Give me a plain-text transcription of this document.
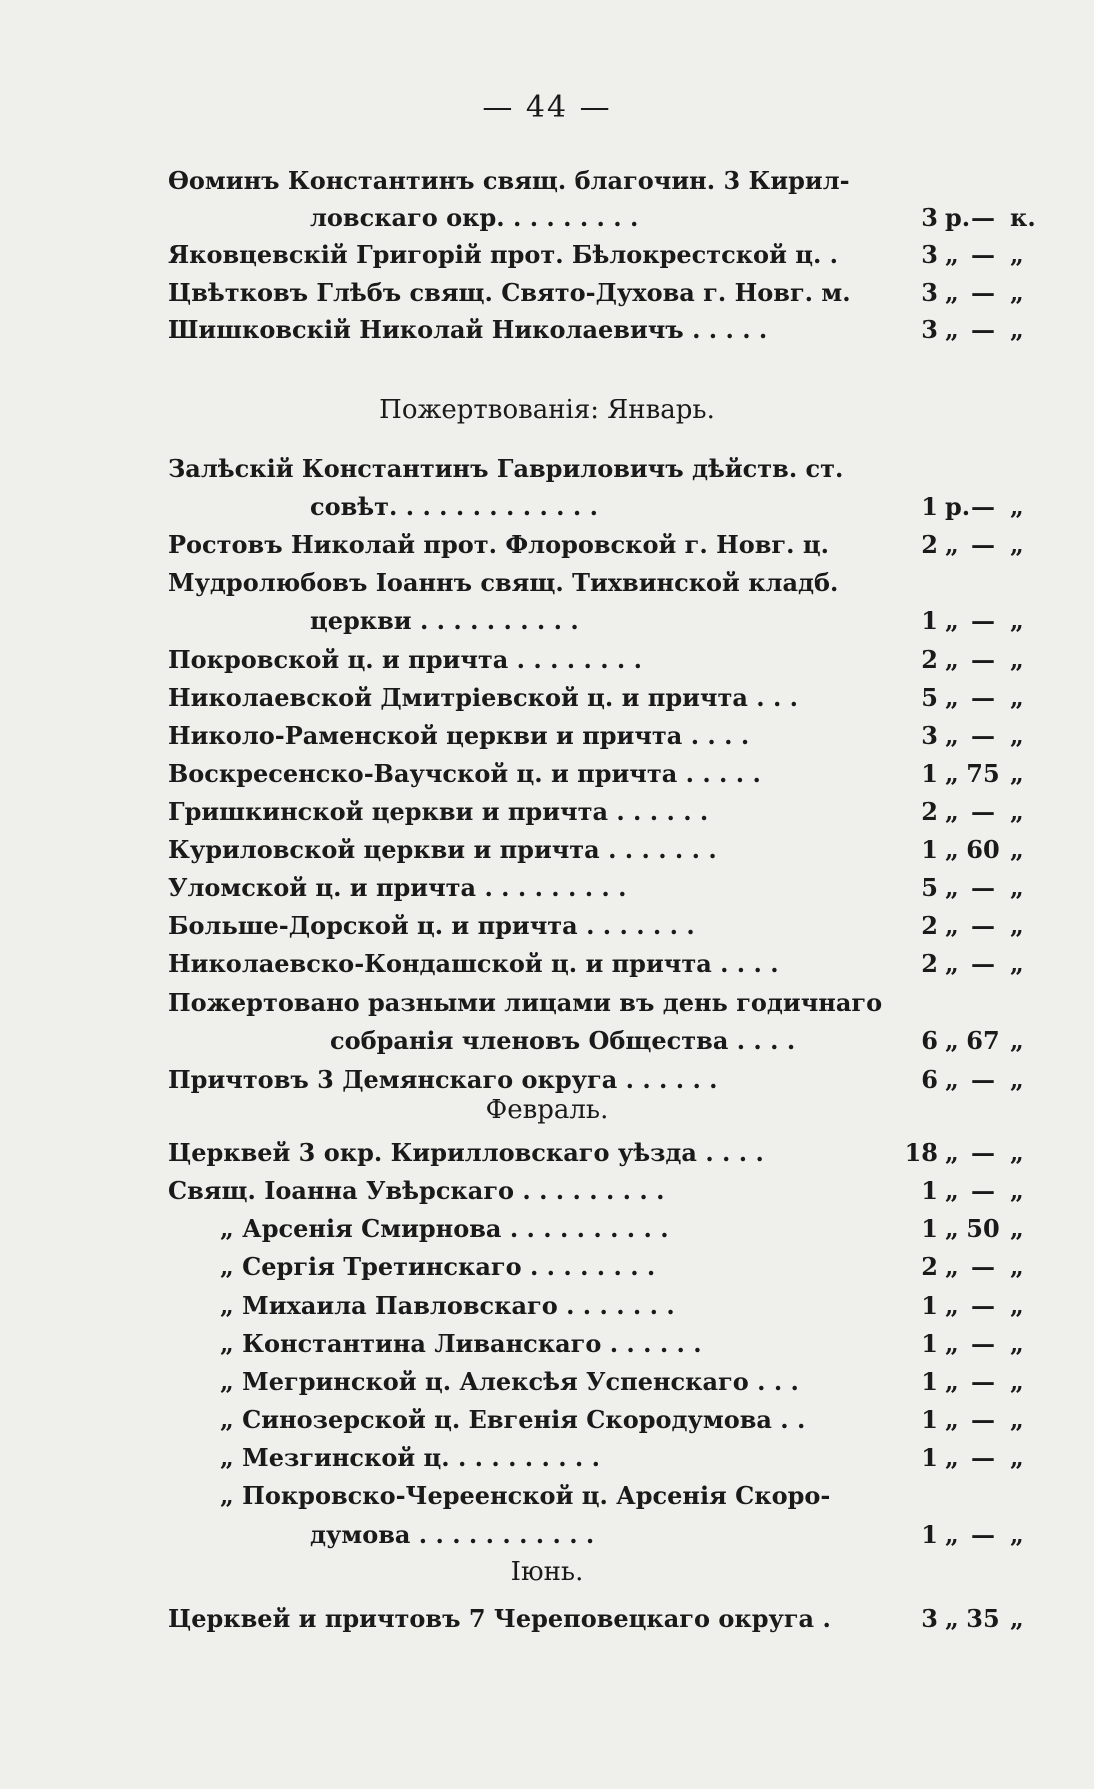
— 44 —
Ѳоминъ Константинъ свящ. благочин. 3 Кирил-
ловскаго окр. . . . . . . . .	3 р. — к.
Яковцевскій Григорій прот. Бѣлокрестской ц. .	3 „ — „
Цвѣтковъ Глѣбъ свящ. Свято-Духова г. Новг. м.	3 „ — „
Шишковскій Николай Николаевичъ . . . . .	3 „ — „
Пожертвованія: Январь.
Залѣскій Константинъ Гавриловичъ дѣйств. ст.
совѣт. . . . . . . . . . . . .	1 р. — „
Ростовъ Николай прот. Флоровской г. Новг. ц.	2 „ — „
Мудролюбовъ Іоаннъ свящ. Тихвинской кладб.
церкви . . . . . . . . . .	1 „ — „
Покровской ц. и причта . . . . . . . .	2 „ — „
Николаевской Дмитріевской ц. и причта . . .	5 „ — „
Николо-Раменской церкви и причта . . . .	3 „ — „
Воскресенско-Ваучской ц. и причта . . . . .	1 „ 75 „
Гришкинской церкви и причта . . . . . .	2 „ — „
Куриловской церкви и причта . . . . . . .	1 „ 60 „
Уломской ц. и причта . . . . . . . . .	5 „ — „
Больше-Дорской ц. и причта . . . . . . .	2 „ — „
Николаевско-Кондашской ц. и причта . . . .	2 „ — „
Пожертовано разными лицами въ день годичнаго
собранія членовъ Общества . . . .	6 „ 67 „
Причтовъ 3 Демянскаго округа . . . . . .	6 „ — „
Февраль.
Церквей 3 окр. Кирилловскаго уѣзда . . . .	18 „ — „
Свящ. Іоанна Увѣрскаго . . . . . . . . .	1 „ — „
„ Арсенія Смирнова . . . . . . . . . .	1 „ 50 „
„ Сергія Третинскаго . . . . . . . .	2 „ — „
„ Михаила Павловскаго . . . . . . .	1 „ — „
„ Константина Ливанскаго . . . . . .	1 „ — „
„ Мегринской ц. Алексѣя Успенскаго . . .	1 „ — „
„ Синозерской ц. Евгенія Скородумова . .	1 „ — „
„ Мезгинской ц. . . . . . . . . .	1 „ — „
„ Покровско-Череенской ц. Арсенія Скоро-
думова . . . . . . . . . . .	1 „ — „
Іюнь.
Церквей и причтовъ 7 Череповецкаго округа .	3 „ 35 „
